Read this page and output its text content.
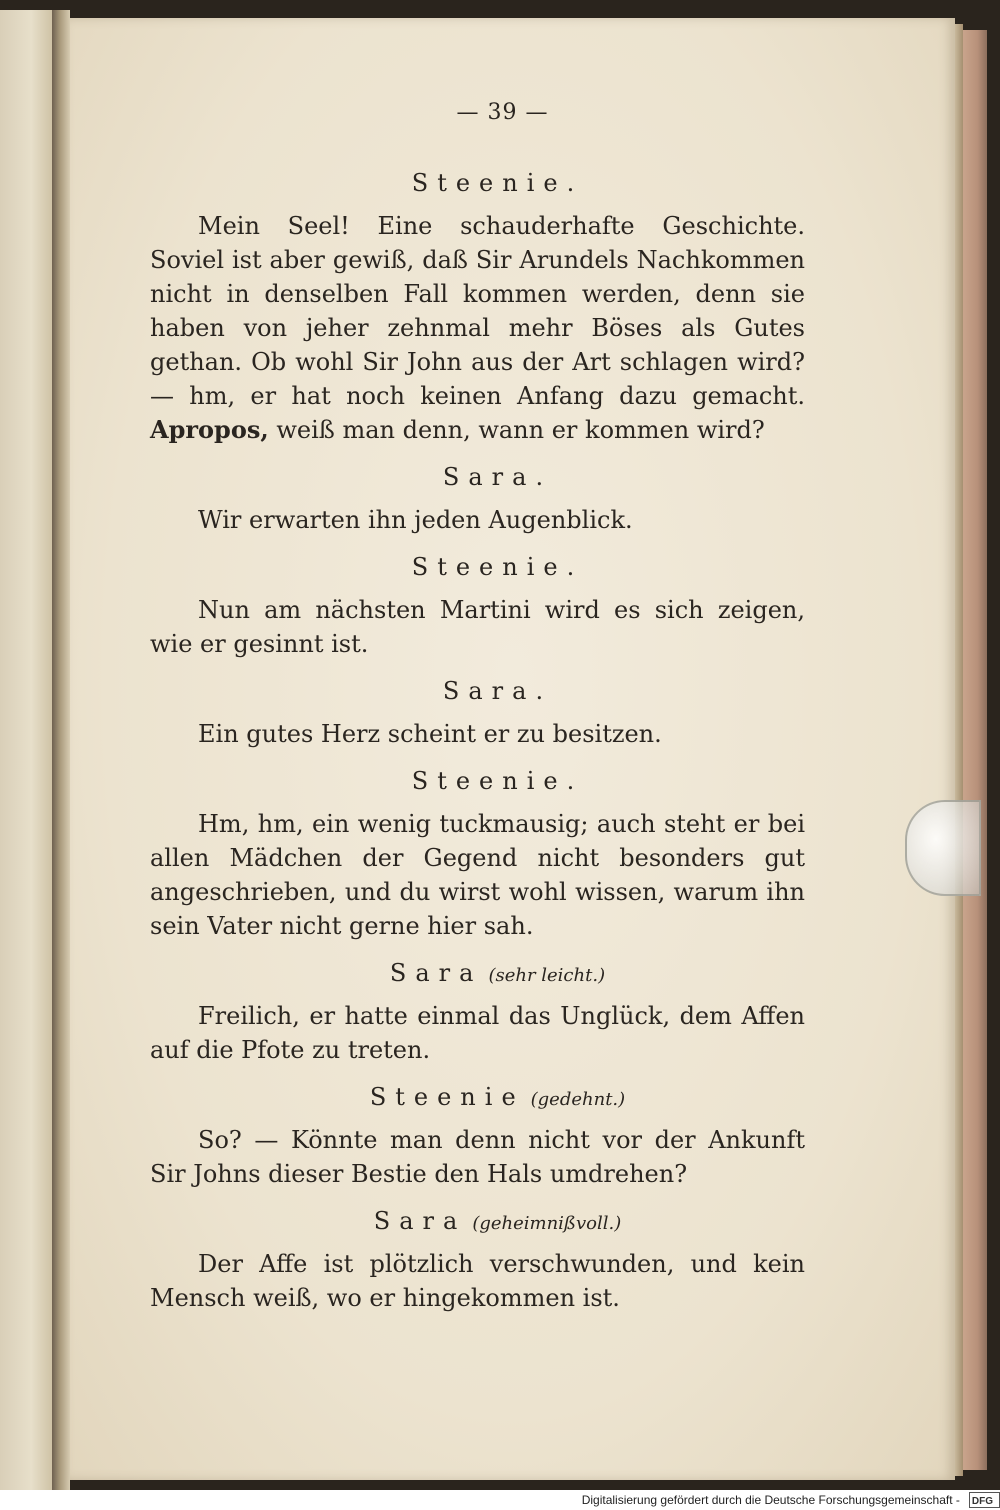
— 39 —
Steenie.

Mein Seel! Eine schauderhafte Geschichte. Soviel ist aber gewiß, daß Sir Arundels Nachkommen nicht in denselben Fall kommen werden, denn sie haben von jeher zehnmal mehr Böses als Gutes gethan. Ob wohl Sir John aus der Art schlagen wird? — hm, er hat noch keinen Anfang dazu gemacht. Apropos, weiß man denn, wann er kommen wird?

Sara.

Wir erwarten ihn jeden Augenblick.

Steenie.

Nun am nächsten Martini wird es sich zeigen, wie er gesinnt ist.

Sara.

Ein gutes Herz scheint er zu besitzen.

Steenie.

Hm, hm, ein wenig tuckmausig; auch steht er bei allen Mädchen der Gegend nicht besonders gut angeschrieben, und du wirst wohl wissen, warum ihn sein Vater nicht gerne hier sah.

Sara (sehr leicht.)

Freilich, er hatte einmal das Unglück, dem Affen auf die Pfote zu treten.

Steenie (gedehnt.)

So? — Könnte man denn nicht vor der Ankunft Sir Johns dieser Bestie den Hals umdrehen?

Sara (geheimnißvoll.)

Der Affe ist plötzlich verschwunden, und kein Mensch weiß, wo er hingekommen ist.

Digitalisierung gefördert durch die Deutsche Forschungsgemeinschaft - DFG
